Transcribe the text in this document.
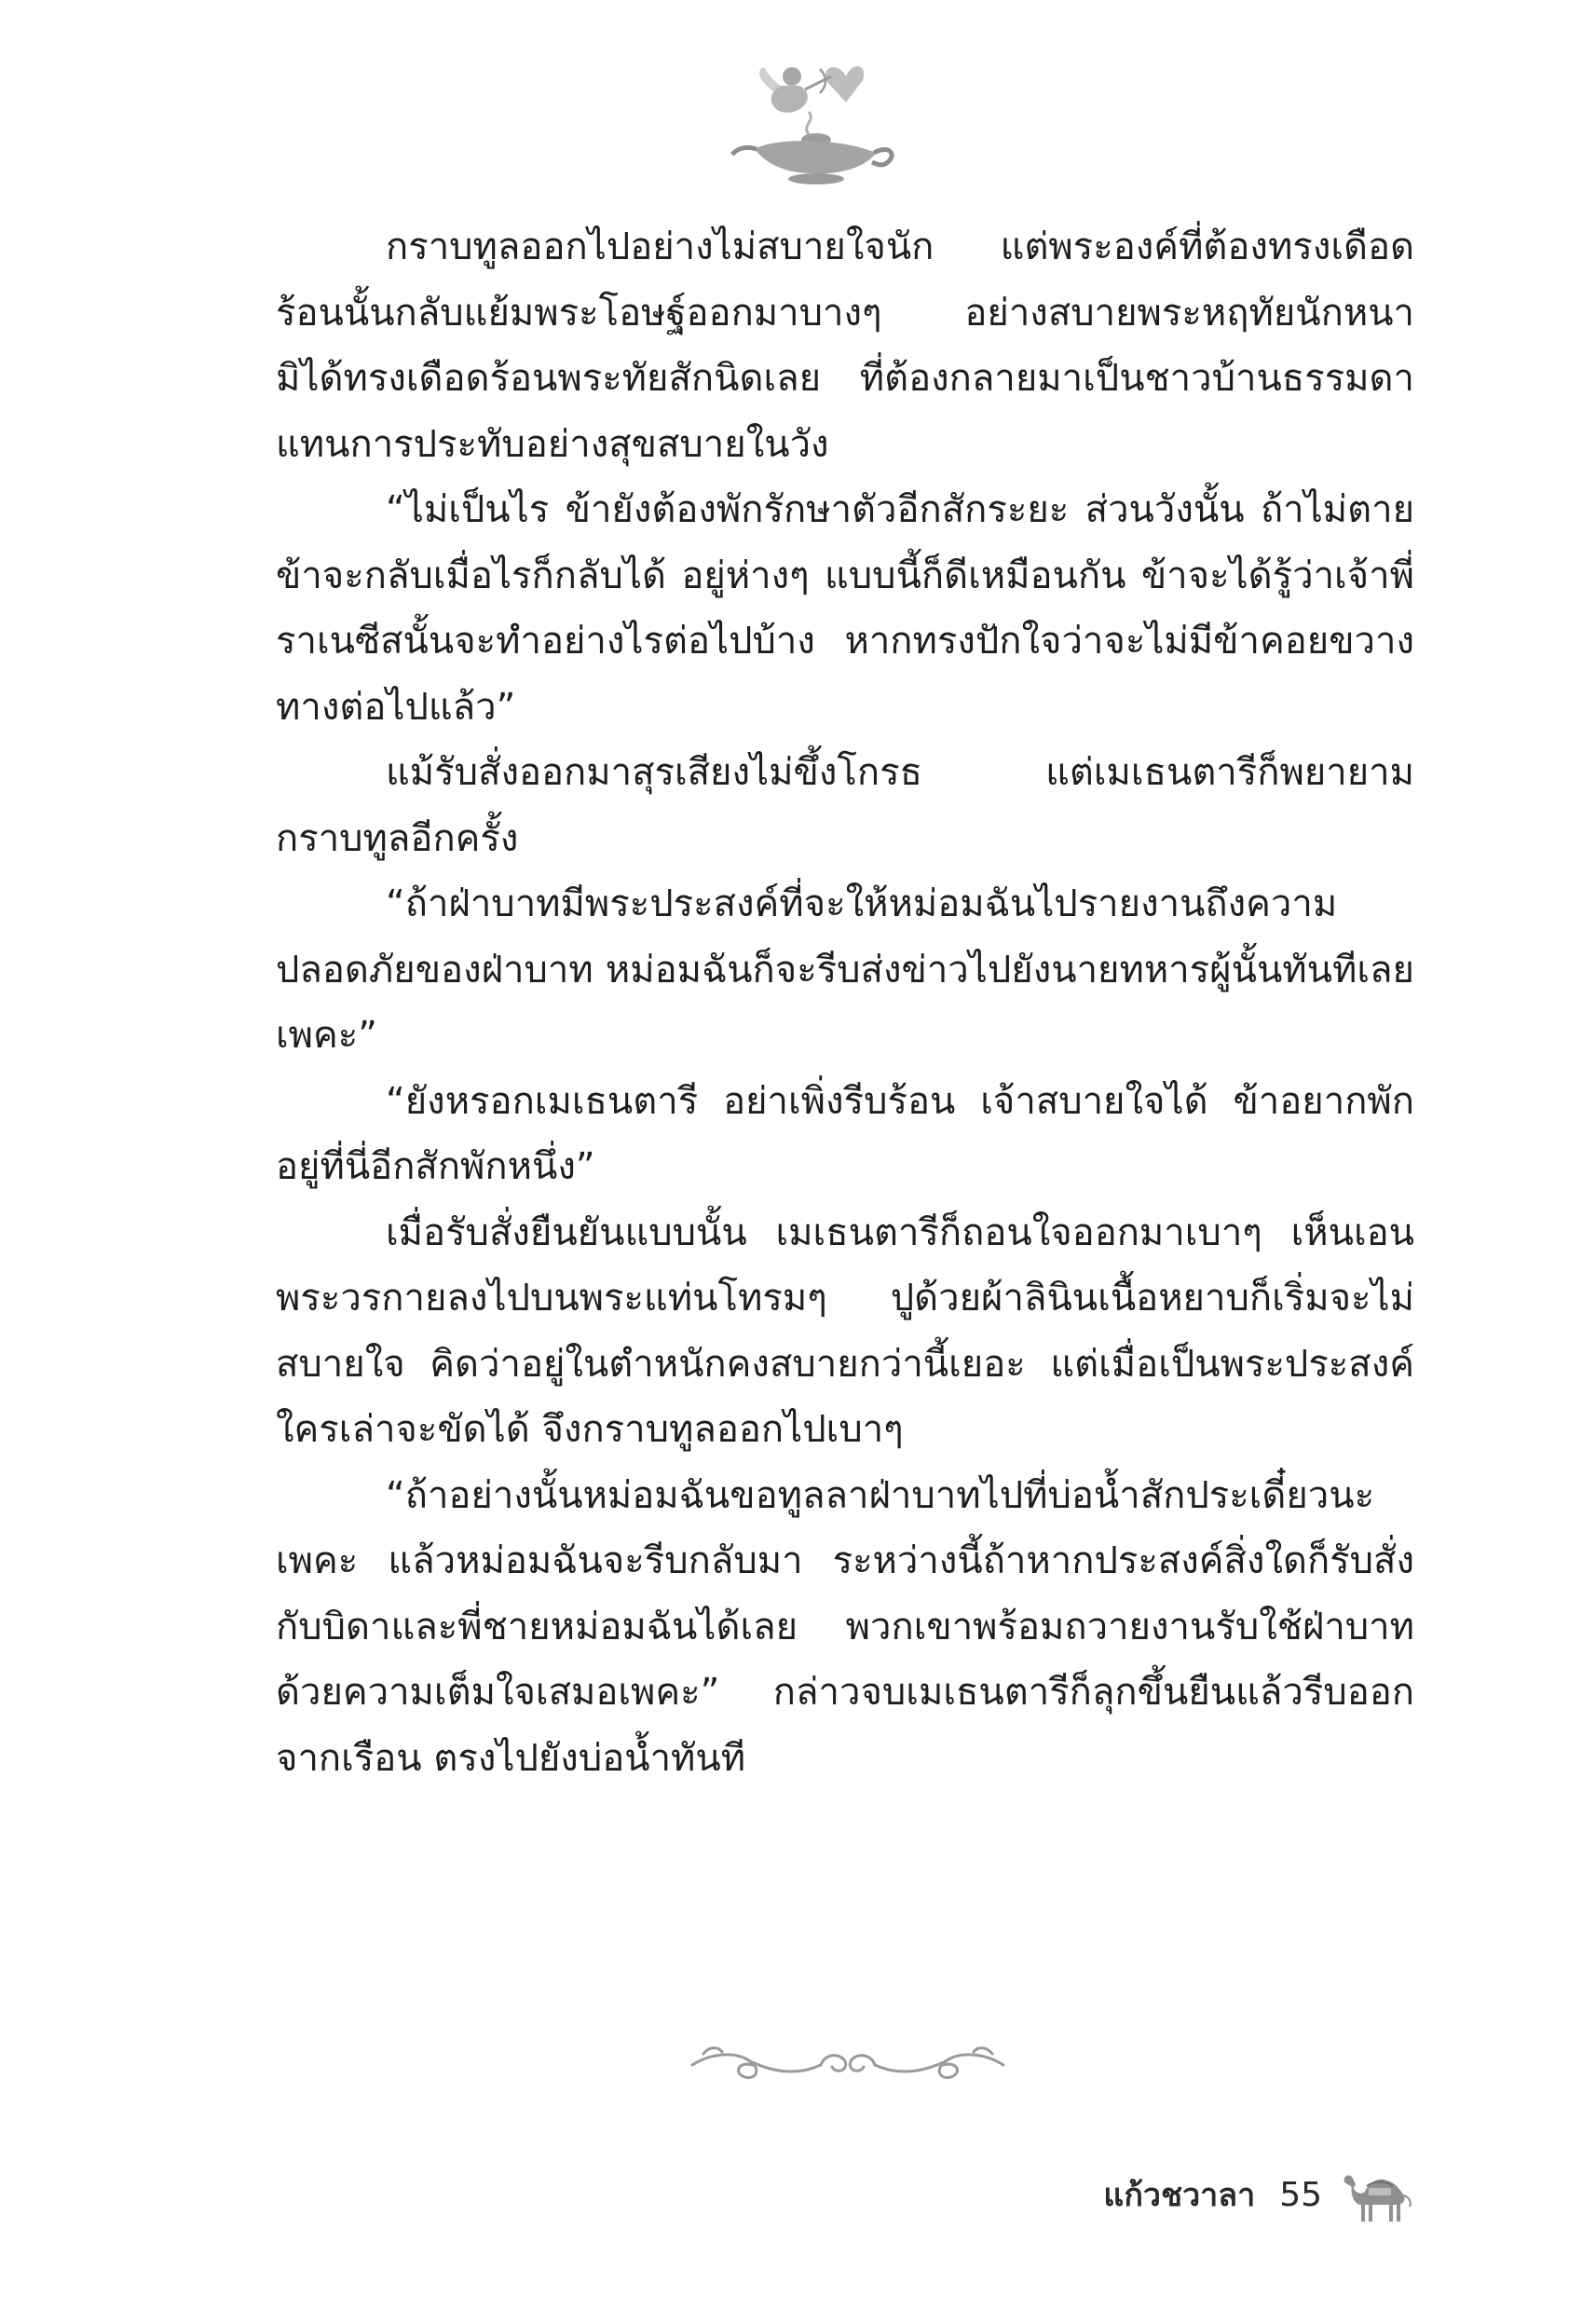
กราบทูลออกไปอย่างไม่สบายใจนัก แต่พระองค์ที่ต้องทรงเดือดร้อนนั้นกลับแย้มพระโอษฐ์ออกมาบางๆ อย่างสบายพระหฤทัยนักหนา มิได้ทรงเดือดร้อนพระทัยสักนิดเลย ที่ต้องกลายมาเป็นชาวบ้านธรรมดา แทนการประทับอย่างสุขสบายในวัง

“ไม่เป็นไร ข้ายังต้องพักรักษาตัวอีกสักระยะ ส่วนวังนั้น ถ้าไม่ตายข้าจะกลับเมื่อไรก็กลับได้ อยู่ห่างๆ แบบนี้ก็ดีเหมือนกัน ข้าจะได้รู้ว่าเจ้าพี่ราเนซีสนั้นจะทำอย่างไรต่อไปบ้าง หากทรงปักใจว่าจะไม่มีข้าคอยขวางทางต่อไปแล้ว”

แม้รับสั่งออกมาสุรเสียงไม่ขึ้งโกรธ แต่เมเธนตารีก็พยายามกราบทูลอีกครั้ง

“ถ้าฝ่าบาทมีพระประสงค์ที่จะให้หม่อมฉันไปรายงานถึงความปลอดภัยของฝ่าบาท หม่อมฉันก็จะรีบส่งข่าวไปยังนายทหารผู้นั้นทันทีเลยเพคะ”

“ยังหรอกเมเธนตารี อย่าเพิ่งรีบร้อน เจ้าสบายใจได้ ข้าอยากพักอยู่ที่นี่อีกสักพักหนึ่ง”

เมื่อรับสั่งยืนยันแบบนั้น เมเธนตารีก็ถอนใจออกมาเบาๆ เห็นเอนพระวรกายลงไปบนพระแท่นโทรมๆ ปูด้วยผ้าลินินเนื้อหยาบก็เริ่มจะไม่สบายใจ คิดว่าอยู่ในตำหนักคงสบายกว่านี้เยอะ แต่เมื่อเป็นพระประสงค์ใครเล่าจะขัดได้ จึงกราบทูลออกไปเบาๆ

“ถ้าอย่างนั้นหม่อมฉันขอทูลลาฝ่าบาทไปที่บ่อน้ำสักประเดี๋ยวนะเพคะ แล้วหม่อมฉันจะรีบกลับมา ระหว่างนี้ถ้าหากประสงค์สิ่งใดก็รับสั่งกับบิดาและพี่ชายหม่อมฉันได้เลย พวกเขาพร้อมถวายงานรับใช้ฝ่าบาทด้วยความเต็มใจเสมอเพคะ” กล่าวจบเมเธนตารีก็ลุกขึ้นยืนแล้วรีบออกจากเรือน ตรงไปยังบ่อน้ำทันที

แก้วชวาลา 55
